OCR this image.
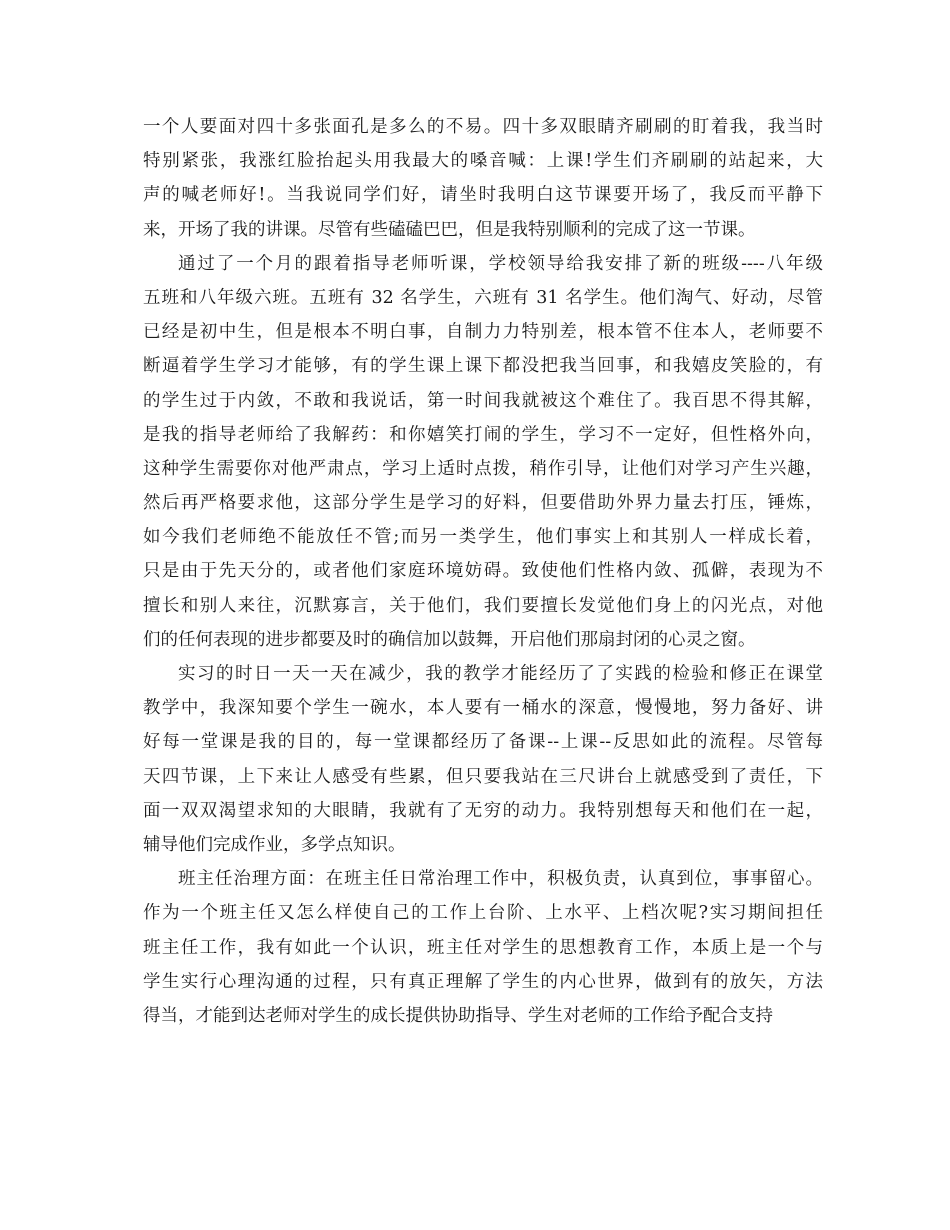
一个人要面对四十多张面孔是多么的不易。四十多双眼睛齐刷刷的盯着我，我当时
特别紧张，我涨红脸抬起头用我最大的嗓音喊：上课!学生们齐刷刷的站起来，大
声的喊老师好!。当我说同学们好，请坐时我明白这节课要开场了，我反而平静下
来，开场了我的讲课。尽管有些磕磕巴巴，但是我特别顺利的完成了这一节课。
通过了一个月的跟着指导老师听课，学校领导给我安排了新的班级----八年级
五班和八年级六班。五班有 32 名学生，六班有 31 名学生。他们淘气、好动，尽管
已经是初中生，但是根本不明白事，自制力力特别差，根本管不住本人，老师要不
断逼着学生学习才能够，有的学生课上课下都没把我当回事，和我嬉皮笑脸的，有
的学生过于内敛，不敢和我说话，第一时间我就被这个难住了。我百思不得其解，
是我的指导老师给了我解药：和你嬉笑打闹的学生，学习不一定好，但性格外向，
这种学生需要你对他严肃点，学习上适时点拨，稍作引导，让他们对学习产生兴趣，
然后再严格要求他，这部分学生是学习的好料，但要借助外界力量去打压，锤炼，
如今我们老师绝不能放任不管;而另一类学生，他们事实上和其别人一样成长着，
只是由于先天分的，或者他们家庭环境妨碍。致使他们性格内敛、孤僻，表现为不
擅长和别人来往，沉默寡言，关于他们，我们要擅长发觉他们身上的闪光点，对他
们的任何表现的进步都要及时的确信加以鼓舞，开启他们那扇封闭的心灵之窗。
实习的时日一天一天在减少，我的教学才能经历了了实践的检验和修正在课堂
教学中，我深知要个学生一碗水，本人要有一桶水的深意，慢慢地，努力备好、讲
好每一堂课是我的目的，每一堂课都经历了备课--上课--反思如此的流程。尽管每
天四节课，上下来让人感受有些累，但只要我站在三尺讲台上就感受到了责任，下
面一双双渴望求知的大眼睛，我就有了无穷的动力。我特别想每天和他们在一起，
辅导他们完成作业，多学点知识。
班主任治理方面：在班主任日常治理工作中，积极负责，认真到位，事事留心。
作为一个班主任又怎么样使自己的工作上台阶、上水平、上档次呢?实习期间担任
班主任工作，我有如此一个认识，班主任对学生的思想教育工作，本质上是一个与
学生实行心理沟通的过程，只有真正理解了学生的内心世界，做到有的放矢，方法
得当，才能到达老师对学生的成长提供协助指导、学生对老师的工作给予配合支持
